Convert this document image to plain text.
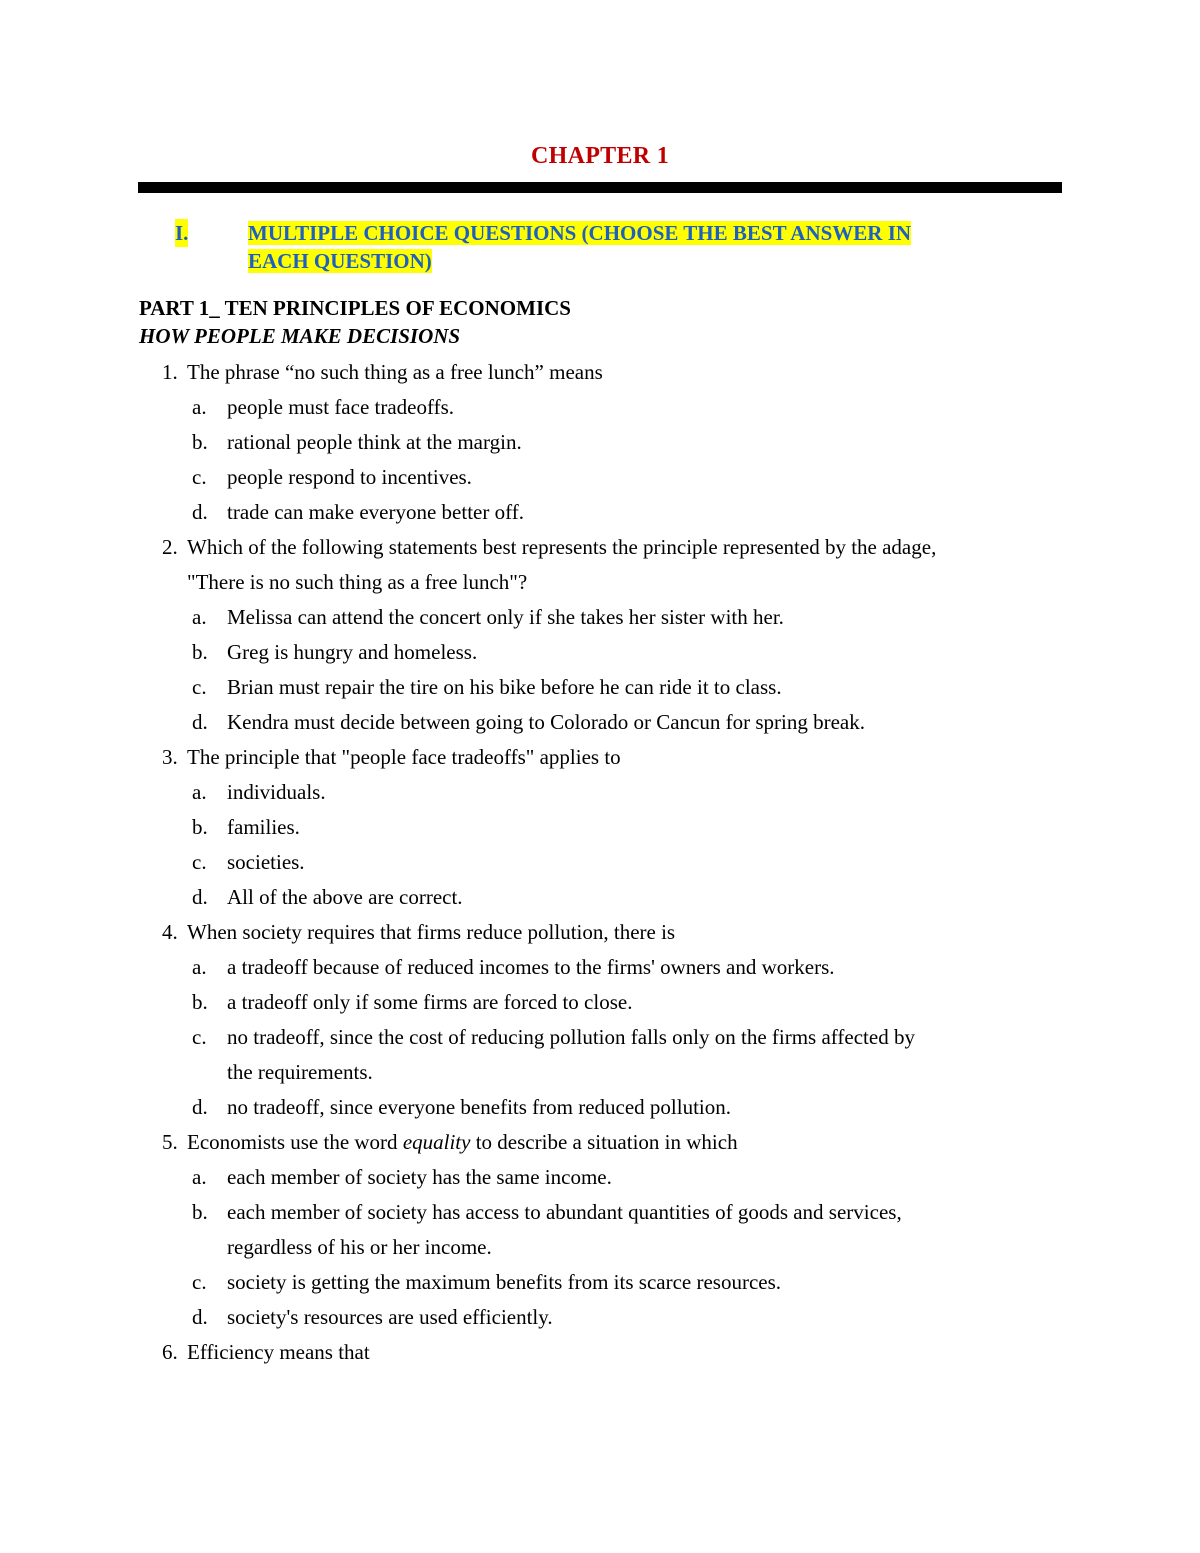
CHAPTER 1
I.	MULTIPLE CHOICE QUESTIONS (CHOOSE THE BEST ANSWER IN
EACH QUESTION)
PART 1_ TEN PRINCIPLES OF ECONOMICS
HOW PEOPLE MAKE DECISIONS
1. The phrase “no such thing as a free lunch” means
a. people must face tradeoffs.
b. rational people think at the margin.
c. people respond to incentives.
d. trade can make everyone better off.
2. Which of the following statements best represents the principle represented by the adage,
"There is no such thing as a free lunch"?
a. Melissa can attend the concert only if she takes her sister with her.
b. Greg is hungry and homeless.
c. Brian must repair the tire on his bike before he can ride it to class.
d. Kendra must decide between going to Colorado or Cancun for spring break.
3. The principle that "people face tradeoffs" applies to
a. individuals.
b. families.
c. societies.
d. All of the above are correct.
4. When society requires that firms reduce pollution, there is
a. a tradeoff because of reduced incomes to the firms' owners and workers.
b. a tradeoff only if some firms are forced to close.
c. no tradeoff, since the cost of reducing pollution falls only on the firms affected by
the requirements.
d. no tradeoff, since everyone benefits from reduced pollution.
5. Economists use the word equality to describe a situation in which
a. each member of society has the same income.
b. each member of society has access to abundant quantities of goods and services,
regardless of his or her income.
c. society is getting the maximum benefits from its scarce resources.
d. society's resources are used efficiently.
6. Efficiency means that
